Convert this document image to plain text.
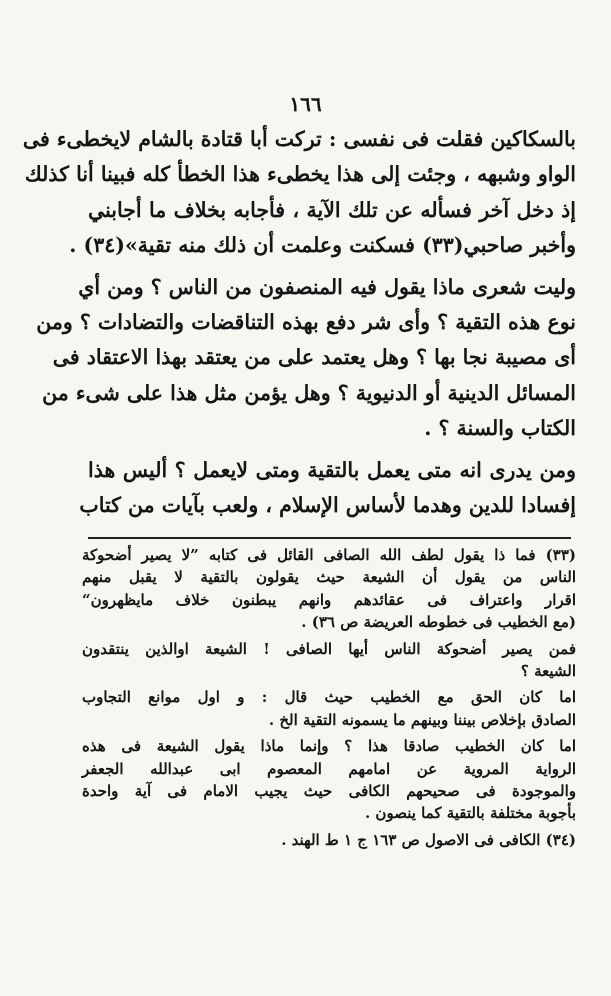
١٦٦
بالسكاكين فقلت فى نفسى : تركت أبا قتادة بالشام لايخطىء فى
الواو وشبهه ، وجئت إلى هذا يخطىء هذا الخطأ كله فبينا أنا كذلك
إذ دخل آخر فسأله عن تلك الآية ، فأجابه بخلاف ما أجابني
وأخبر صاحبي(٣٣) فسكنت وعلمت أن ذلك منه تقية»(٣٤) .
وليت شعرى ماذا يقول فيه المنصفون من الناس ؟ ومن أي
نوع هذه التقية ؟ وأى شر دفع بهذه التناقضات والتضادات ؟ ومن
أى مصيبة نجا بها ؟ وهل يعتمد على من يعتقد بهذا الاعتقاد فى
المسائل الدينية أو الدنيوية ؟ وهل يؤمن مثل هذا على شىء من
الكتاب والسنة ؟ .
ومن يدرى انه متى يعمل بالتقية ومتى لايعمل ؟ أليس هذا
إفسادا للدين وهدما لأساس الإسلام ، ولعب بآيات من كتاب
(٣٣) فما ذا يقول لطف الله الصافى القائل فى كتابه ”لا يصير أضحوكة
الناس من يقول أن الشيعة حيث يقولون بالتقية لا يقبل منهم
اقرار واعتراف فى عقائدهم وانهم يبطنون خلاف مايظهرون“
(مع الخطيب فى خطوطه العريضة ص ٣٦) .
فمن يصير أضحوكة الناس أيها الصافى ! الشيعة اوالذين ينتقدون
الشيعة ؟
اما كان الحق مع الخطيب حيث قال : و اول موانع التجاوب
الصادق بإخلاص بيننا وبينهم ما يسمونه التقية الخ .
اما كان الخطيب صادقا هذا ؟ وإنما ماذا يقول الشيعة فى هذه
الرواية المروية عن امامهم المعصوم ابى عبدالله الجعفر
والموجودة فى صحيحهم الكافى حيث يجيب الامام فى آية واحدة
بأجوبة مختلفة بالتقية كما ينصون .
(٣٤) الكافى فى الاصول ص ١٦٣ ج ١ ط الهند .
